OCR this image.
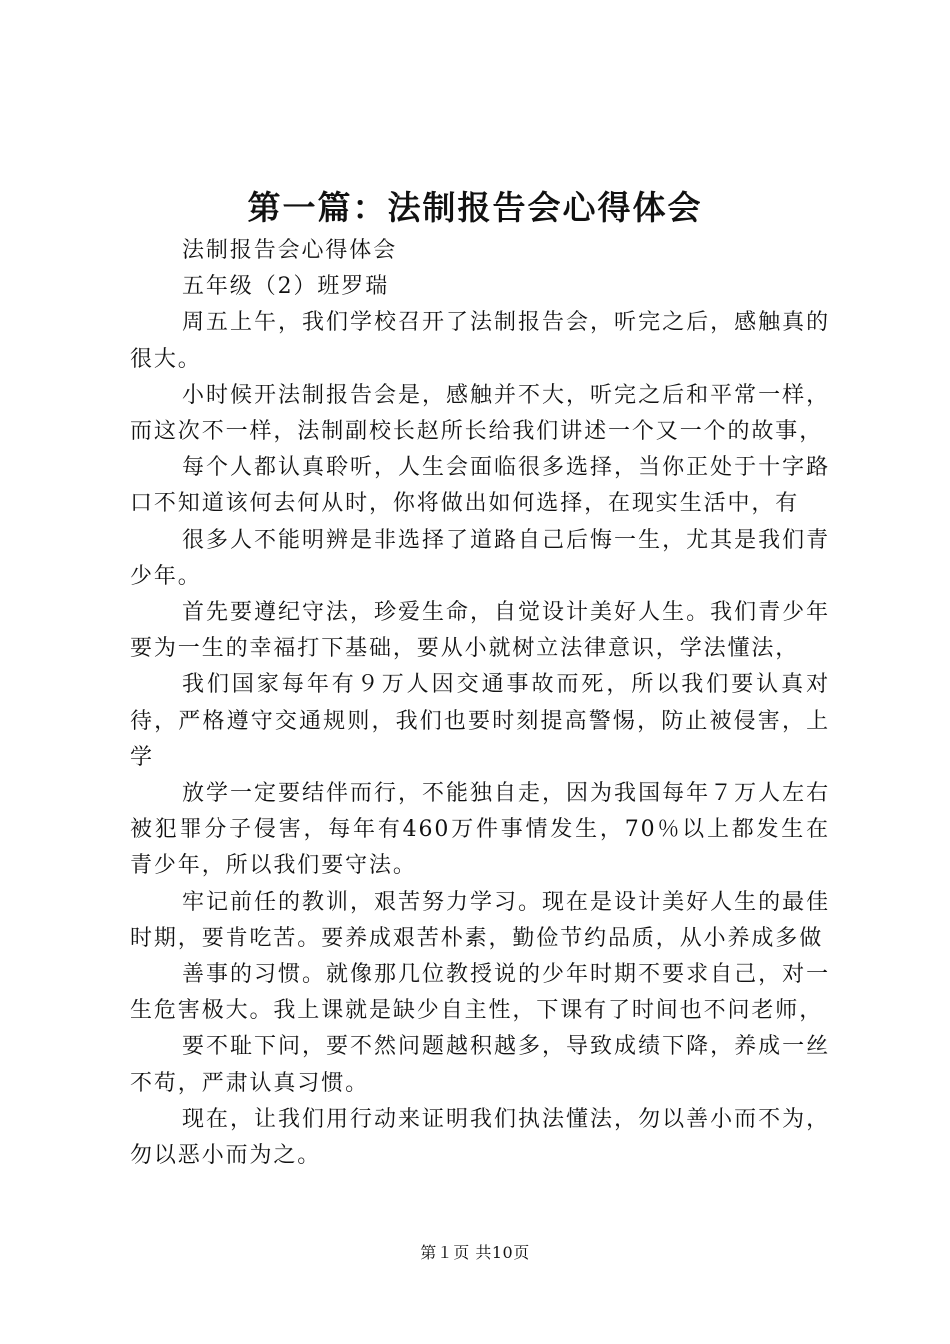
第一篇：法制报告会心得体会

法制报告会心得体会

五年级（2）班罗瑞

周五上午，我们学校召开了法制报告会，听完之后，感触真的很大。

小时候开法制报告会是，感触并不大，听完之后和平常一样，而这次不一样，法制副校长赵所长给我们讲述一个又一个的故事，

每个人都认真聆听，人生会面临很多选择，当你正处于十字路口不知道该何去何从时，你将做出如何选择，在现实生活中，有

很多人不能明辨是非选择了道路自己后悔一生，尤其是我们青少年。

首先要遵纪守法，珍爱生命，自觉设计美好人生。我们青少年要为一生的幸福打下基础，要从小就树立法律意识，学法懂法，

我们国家每年有９万人因交通事故而死，所以我们要认真对待，严格遵守交通规则，我们也要时刻提高警惕，防止被侵害，上学

放学一定要结伴而行，不能独自走，因为我国每年７万人左右被犯罪分子侵害，每年有460万件事情发生，70％以上都发生在青少年，所以我们要守法。

牢记前任的教训，艰苦努力学习。现在是设计美好人生的最佳时期，要肯吃苦。要养成艰苦朴素，勤俭节约品质，从小养成多做

善事的习惯。就像那几位教授说的少年时期不要求自己，对一生危害极大。我上课就是缺少自主性，下课有了时间也不问老师，

要不耻下问，要不然问题越积越多，导致成绩下降，养成一丝不苟，严肃认真习惯。

现在，让我们用行动来证明我们执法懂法，勿以善小而不为，勿以恶小而为之。

第１页 共10页
